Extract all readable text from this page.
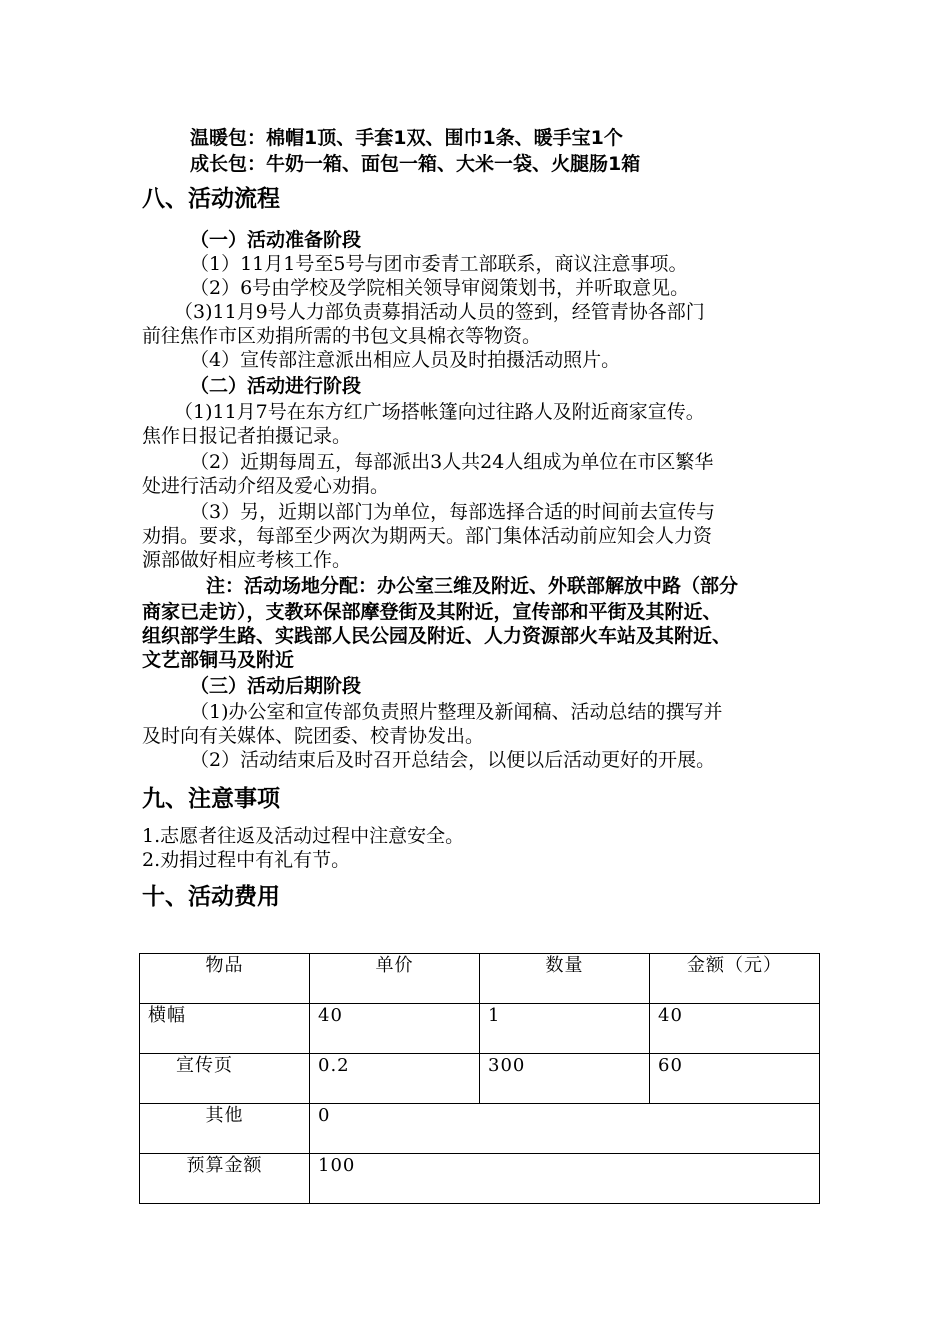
温暖包：棉帽1顶、手套1双、围巾1条、暖手宝1个
成长包：牛奶一箱、面包一箱、大米一袋、火腿肠1箱
八、活动流程
（一）活动准备阶段
（1）11月1号至5号与团市委青工部联系，商议注意事项。
（2）6号由学校及学院相关领导审阅策划书，并听取意见。
（3)11月9号人力部负责募捐活动人员的签到，经管青协各部门
前往焦作市区劝捐所需的书包文具棉衣等物资。
（4）宣传部注意派出相应人员及时拍摄活动照片。
（二）活动进行阶段
（1)11月7号在东方红广场搭帐篷向过往路人及附近商家宣传。
焦作日报记者拍摄记录。
（2）近期每周五，每部派出3人共24人组成为单位在市区繁华
处进行活动介绍及爱心劝捐。
（3）另，近期以部门为单位，每部选择合适的时间前去宣传与
劝捐。要求，每部至少两次为期两天。部门集体活动前应知会人力资
源部做好相应考核工作。
注：活动场地分配：办公室三维及附近、外联部解放中路（部分
商家已走访），支教环保部摩登街及其附近，宣传部和平街及其附近、
组织部学生路、实践部人民公园及附近、人力资源部火车站及其附近、
文艺部铜马及附近
（三）活动后期阶段
（1)办公室和宣传部负责照片整理及新闻稿、活动总结的撰写并
及时向有关媒体、院团委、校青协发出。
（2）活动结束后及时召开总结会，以便以后活动更好的开展。
九、注意事项
1.志愿者往返及活动过程中注意安全。
2.劝捐过程中有礼有节。
十、活动费用
物品	单价	数量	金额（元）
横幅	40	1	40
宣传页	0.2	300	60
其他	0		
预算金额	100		
